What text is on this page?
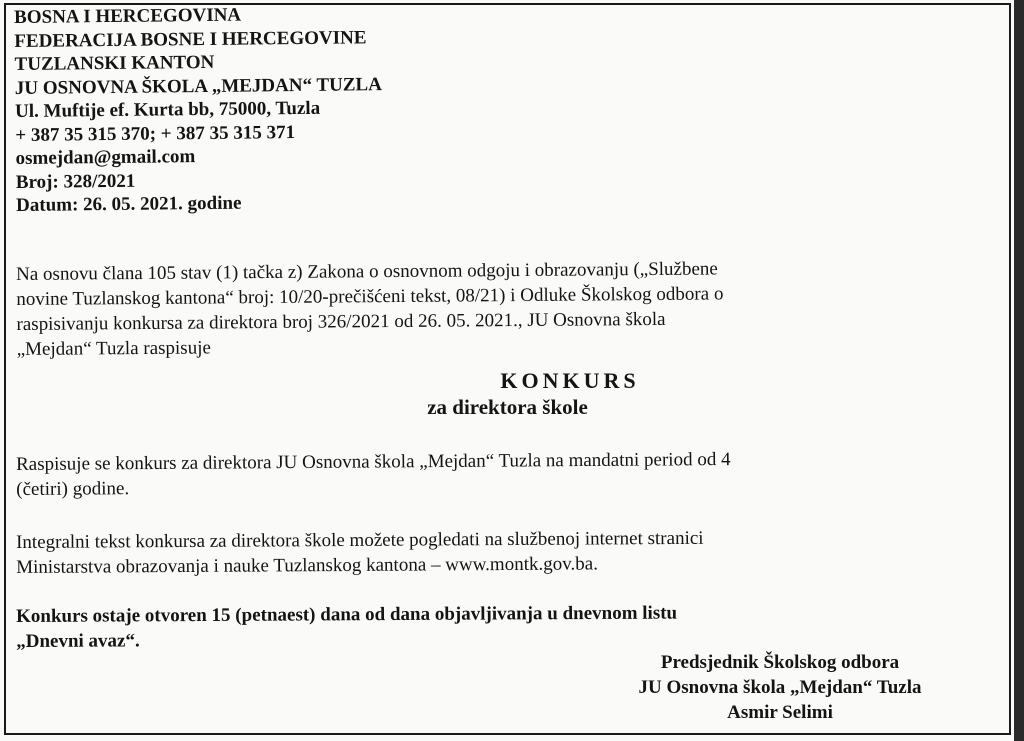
BOSNA I HERCEGOVINA
FEDERACIJA BOSNE I HERCEGOVINE
TUZLANSKI KANTON
JU OSNOVNA ŠKOLA „MEJDAN“ TUZLA
Ul. Muftije ef. Kurta bb, 75000, Tuzla
+ 387 35 315 370; + 387 35 315 371
osmejdan@gmail.com
Broj: 328/2021
Datum: 26. 05. 2021. godine
Na osnovu člana 105 stav (1) tačka z) Zakona o osnovnom odgoju i obrazovanju („Službene
novine Tuzlanskog kantona“ broj: 10/20-prečišćeni tekst, 08/21) i Odluke Školskog odbora o
raspisivanju konkursa za direktora broj 326/2021 od 26. 05. 2021., JU Osnovna škola
„Mejdan“ Tuzla raspisuje
KONKURS
za direktora škole
Raspisuje se konkurs za direktora JU Osnovna škola „Mejdan“ Tuzla na mandatni period od 4
(četiri) godine.
Integralni tekst konkursa za direktora škole možete pogledati na službenoj internet stranici
Ministarstva obrazovanja i nauke Tuzlanskog kantona – www.montk.gov.ba.
Konkurs ostaje otvoren 15 (petnaest) dana od dana objavljivanja u dnevnom listu
„Dnevni avaz“.
Predsjednik Školskog odbora
JU Osnovna škola „Mejdan“ Tuzla
Asmir Selimi
